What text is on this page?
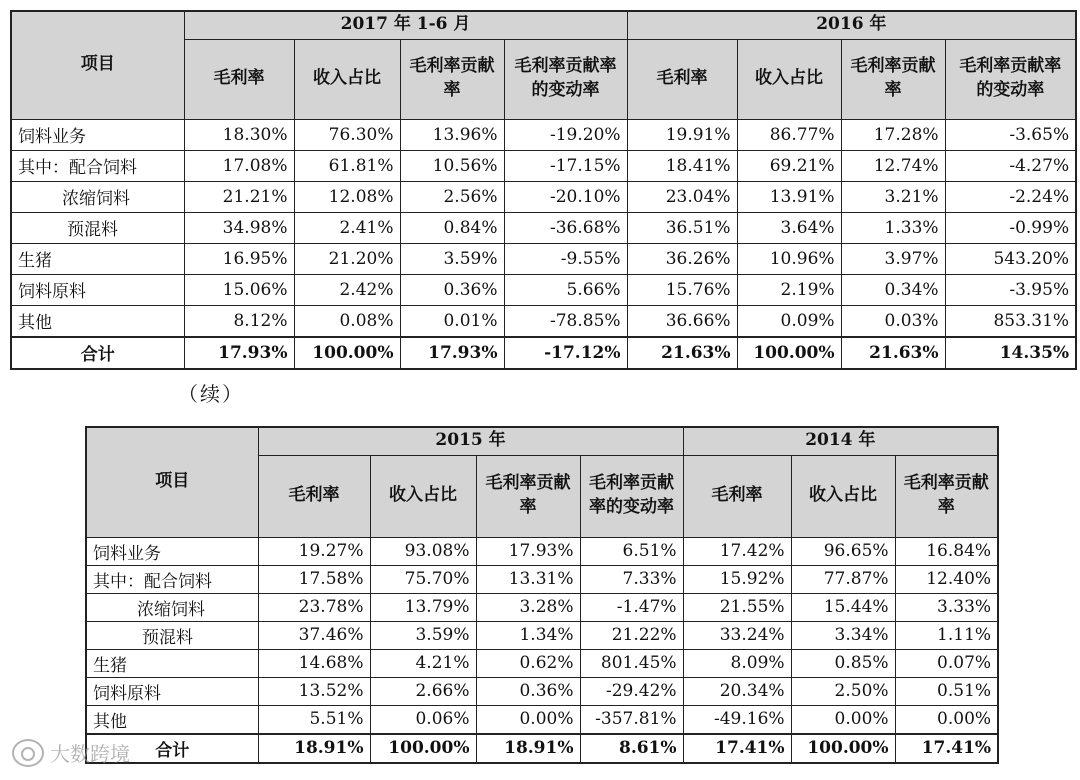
项目	2017 年 1-6 月				2016 年			
	毛利率	收入占比	毛利率贡献率	毛利率贡献率的变动率	毛利率	收入占比	毛利率贡献率	毛利率贡献率的变动率
饲料业务	18.30%	76.30%	13.96%	-19.20%	19.91%	86.77%	17.28%	-3.65%
其中：配合饲料	17.08%	61.81%	10.56%	-17.15%	18.41%	69.21%	12.74%	-4.27%
浓缩饲料	21.21%	12.08%	2.56%	-20.10%	23.04%	13.91%	3.21%	-2.24%
预混料	34.98%	2.41%	0.84%	-36.68%	36.51%	3.64%	1.33%	-0.99%
生猪	16.95%	21.20%	3.59%	-9.55%	36.26%	10.96%	3.97%	543.20%
饲料原料	15.06%	2.42%	0.36%	5.66%	15.76%	2.19%	0.34%	-3.95%
其他	8.12%	0.08%	0.01%	-78.85%	36.66%	0.09%	0.03%	853.31%
合计	17.93%	100.00%	17.93%	-17.12%	21.63%	100.00%	21.63%	14.35%
（续）
项目	2015 年				2014 年		
	毛利率	收入占比	毛利率贡献率	毛利率贡献率的变动率	毛利率	收入占比	毛利率贡献率
饲料业务	19.27%	93.08%	17.93%	6.51%	17.42%	96.65%	16.84%
其中：配合饲料	17.58%	75.70%	13.31%	7.33%	15.92%	77.87%	12.40%
浓缩饲料	23.78%	13.79%	3.28%	-1.47%	21.55%	15.44%	3.33%
预混料	37.46%	3.59%	1.34%	21.22%	33.24%	3.34%	1.11%
生猪	14.68%	4.21%	0.62%	801.45%	8.09%	0.85%	0.07%
饲料原料	13.52%	2.66%	0.36%	-29.42%	20.34%	2.50%	0.51%
其他	5.51%	0.06%	0.00%	-357.81%	-49.16%	0.00%	0.00%
合计	18.91%	100.00%	18.91%	8.61%	17.41%	100.00%	17.41%
大数跨境
